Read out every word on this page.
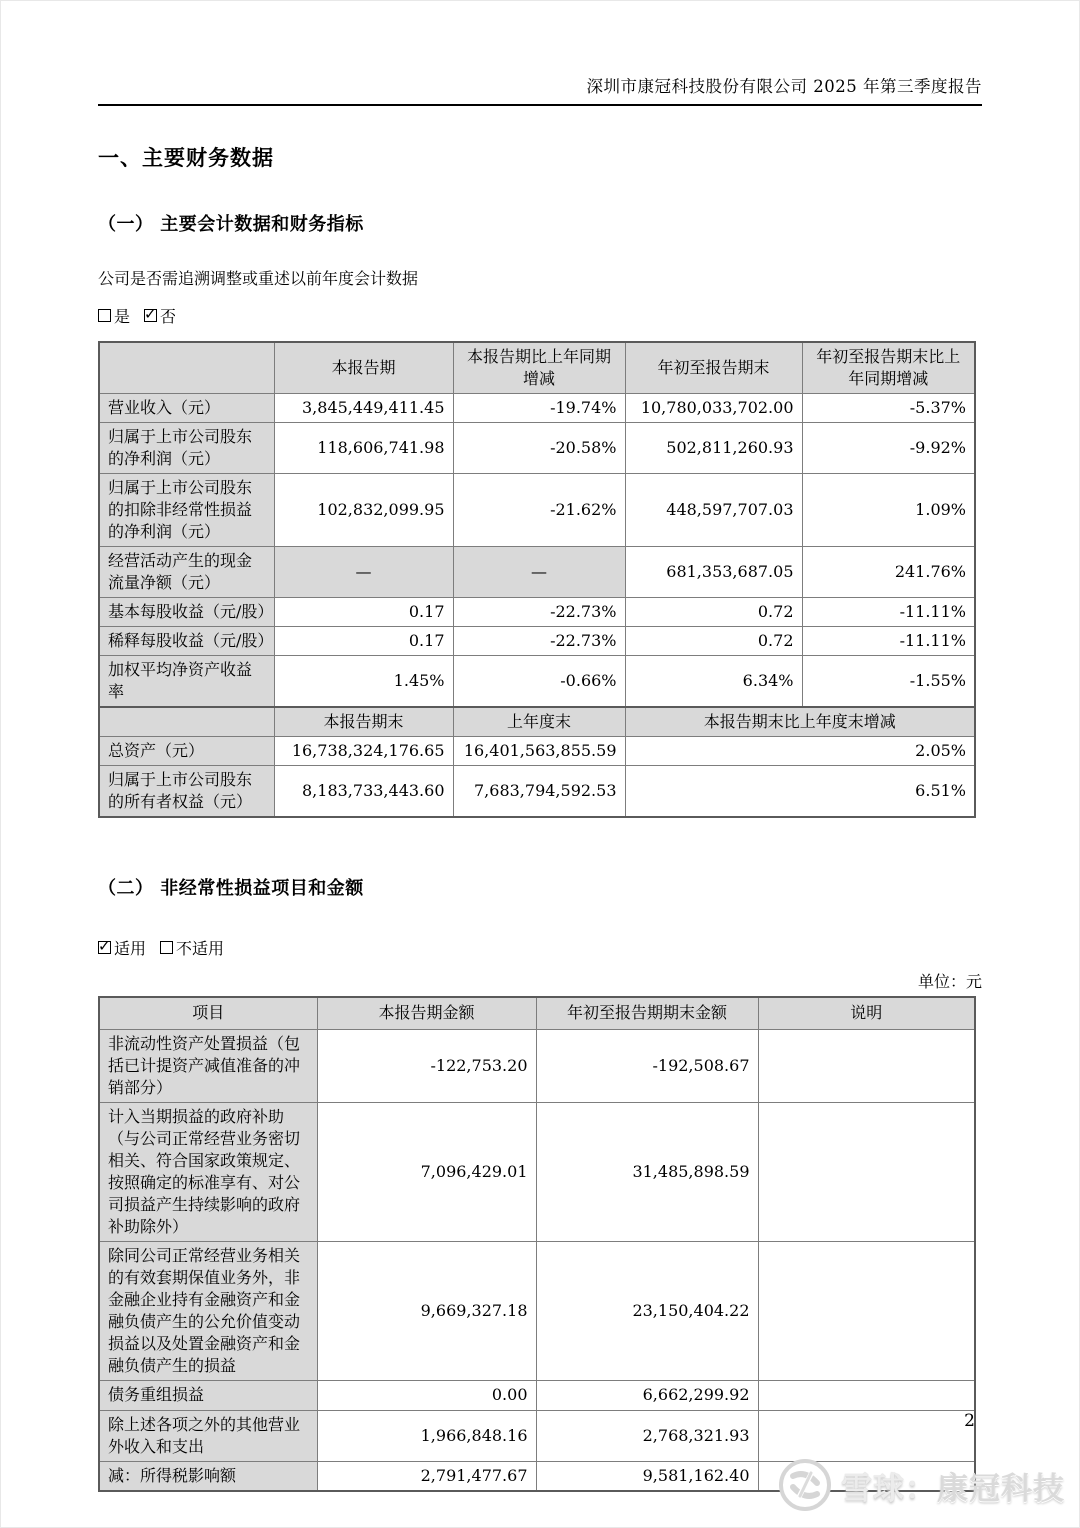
深圳市康冠科技股份有限公司 2025 年第三季度报告
一、主要财务数据
（一） 主要会计数据和财务指标
公司是否需追溯调整或重述以前年度会计数据
是 ✓ 否
	本报告期	本报告期比上年同期增减	年初至报告期末	年初至报告期末比上年同期增减
营业收入（元）	3,845,449,411.45	-19.74%	10,780,033,702.00	-5.37%
归属于上市公司股东的净利润（元）	118,606,741.98	-20.58%	502,811,260.93	-9.92%
归属于上市公司股东的扣除非经常性损益的净利润（元）	102,832,099.95	-21.62%	448,597,707.03	1.09%
经营活动产生的现金流量净额（元）	—	—	681,353,687.05	241.76%
基本每股收益（元/股）	0.17	-22.73%	0.72	-11.11%
稀释每股收益（元/股）	0.17	-22.73%	0.72	-11.11%
加权平均净资产收益率	1.45%	-0.66%	6.34%	-1.55%
	本报告期末	上年度末	本报告期末比上年度末增减	
总资产（元）	16,738,324,176.65	16,401,563,855.59	2.05%	
归属于上市公司股东的所有者权益（元）	8,183,733,443.60	7,683,794,592.53	6.51%	
（二） 非经常性损益项目和金额
✓
适用 不适用
单位：元
项目	本报告期金额	年初至报告期期末金额	说明
非流动性资产处置损益（包括已计提资产减值准备的冲销部分）	-122,753.20	-192,508.67	
计入当期损益的政府补助（与公司正常经营业务密切相关、符合国家政策规定、按照确定的标准享有、对公司损益产生持续影响的政府补助除外）	7,096,429.01	31,485,898.59	
除同公司正常经营业务相关的有效套期保值业务外，非金融企业持有金融资产和金融负债产生的公允价值变动损益以及处置金融资产和金融负债产生的损益	9,669,327.18	23,150,404.22	
债务重组损益	0.00	6,662,299.92	
除上述各项之外的其他营业外收入和支出	1,966,848.16	2,768,321.93	
减：所得税影响额	2,791,477.67	9,581,162.40	
2
雪球：康冠科技
